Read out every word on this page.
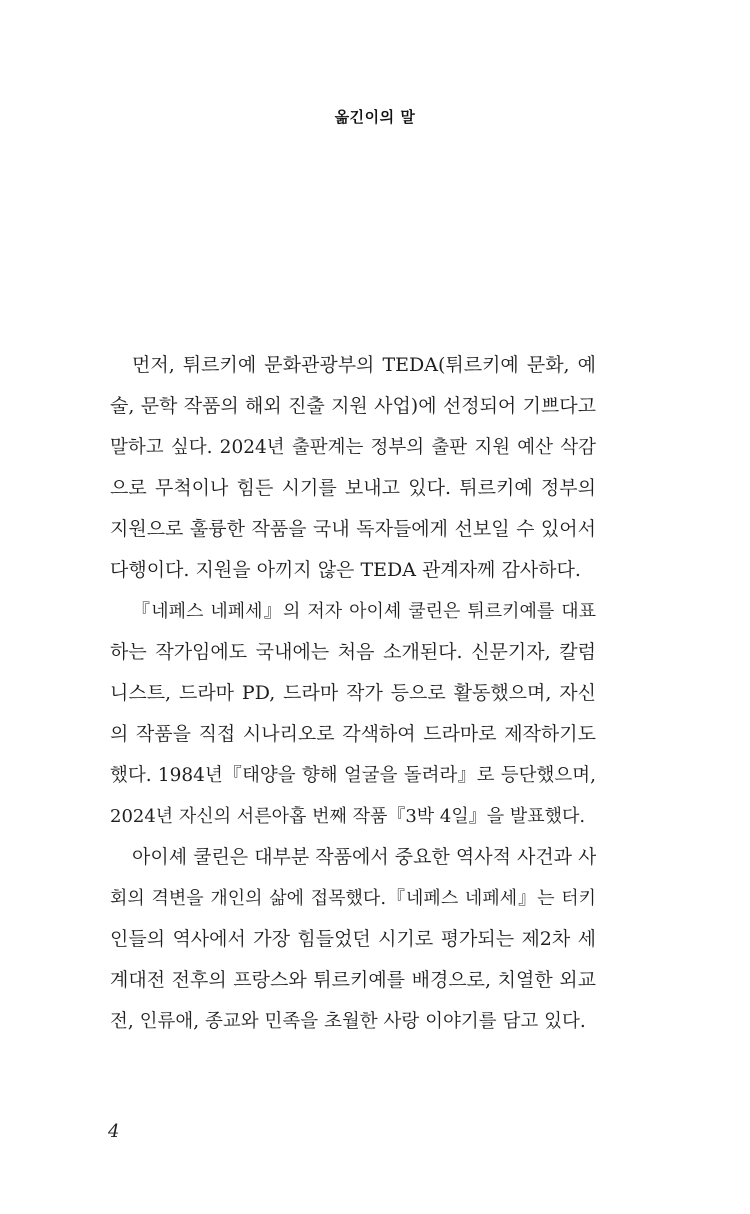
옮긴이의 말
먼저, 튀르키예 문화관광부의 TEDA(튀르키예 문화, 예
술, 문학 작품의 해외 진출 지원 사업)에 선정되어 기쁘다고
말하고 싶다. 2024년 출판계는 정부의 출판 지원 예산 삭감
으로 무척이나 힘든 시기를 보내고 있다. 튀르키예 정부의
지원으로 훌륭한 작품을 국내 독자들에게 선보일 수 있어서
다행이다. 지원을 아끼지 않은 TEDA 관계자께 감사하다.
『네페스 네페세』의 저자 아이셰 쿨린은 튀르키예를 대표
하는 작가임에도 국내에는 처음 소개된다. 신문기자, 칼럼
니스트, 드라마 PD, 드라마 작가 등으로 활동했으며, 자신
의 작품을 직접 시나리오로 각색하여 드라마로 제작하기도
했다. 1984년『태양을 향해 얼굴을 돌려라』로 등단했으며,
2024년 자신의 서른아홉 번째 작품『3박 4일』을 발표했다.
아이셰 쿨린은 대부분 작품에서 중요한 역사적 사건과 사
회의 격변을 개인의 삶에 접목했다.『네페스 네페세』는 터키
인들의 역사에서 가장 힘들었던 시기로 평가되는 제2차 세
계대전 전후의 프랑스와 튀르키예를 배경으로, 치열한 외교
전, 인류애, 종교와 민족을 초월한 사랑 이야기를 담고 있다.
4
